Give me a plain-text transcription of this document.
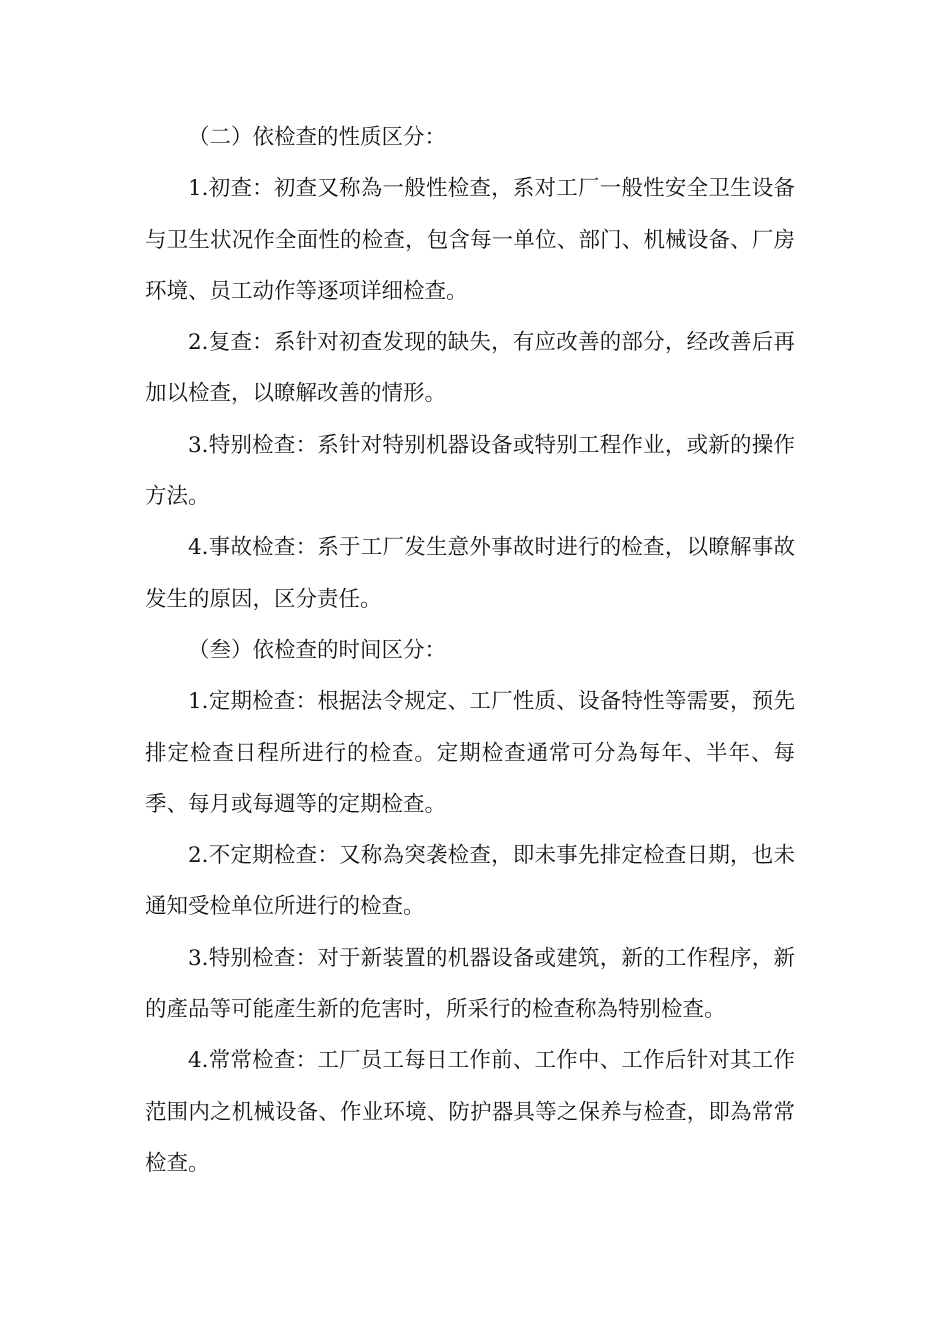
（二）依检查的性质区分：

1.初查：初查又称為一般性检查，系对工厂一般性安全卫生设备与卫生状况作全面性的检查，包含每一单位、部门、机械设备、厂房环境、员工动作等逐项详细检查。

2.复查：系针对初查发现的缺失，有应改善的部分，经改善后再加以检查，以暸解改善的情形。

3.特别检查：系针对特别机器设备或特别工程作业，或新的操作方法。

4.事故检查：系于工厂发生意外事故时进行的检查，以暸解事故发生的原因，区分责任。

（叁）依检查的时间区分：

1.定期检查：根据法令规定、工厂性质、设备特性等需要，预先排定检查日程所进行的检查。定期检查通常可分為每年、半年、每季、每月或每週等的定期检查。

2.不定期检查：又称為突袭检查，即未事先排定检查日期，也未通知受检单位所进行的检查。

3.特别检查：对于新装置的机器设备或建筑，新的工作程序，新的產品等可能產生新的危害时，所采行的检查称為特别检查。

4.常常检查：工厂员工每日工作前、工作中、工作后针对其工作范围内之机械设备、作业环境、防护器具等之保养与检查，即為常常检查。
